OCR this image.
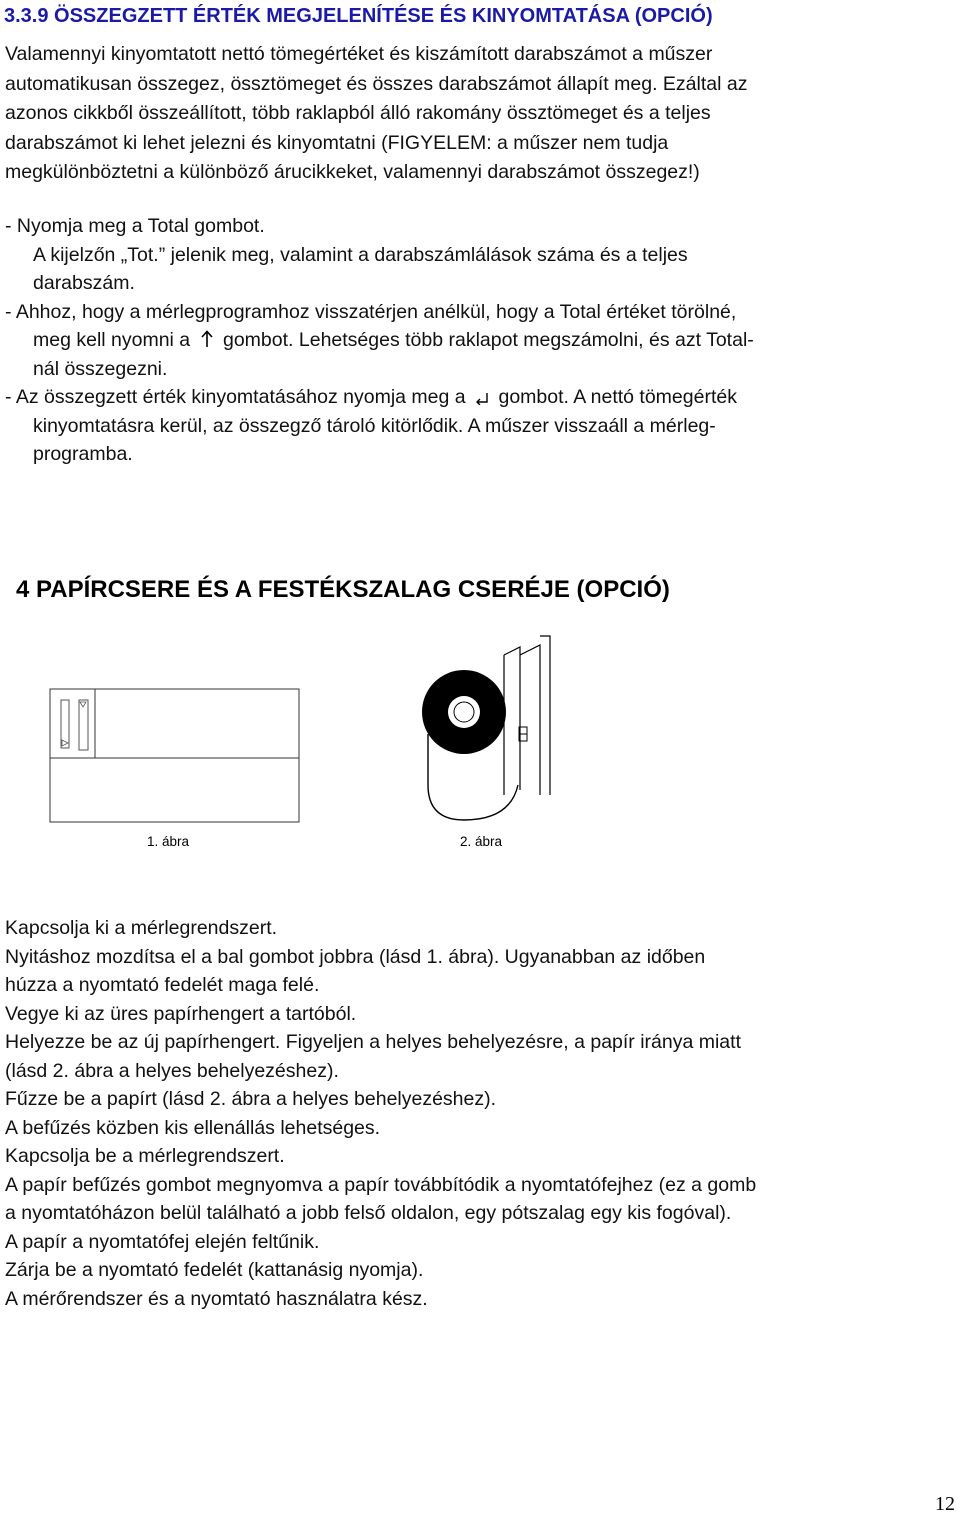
3.3.9 ÖSSZEGZETT ÉRTÉK MEGJELENÍTÉSE ÉS KINYOMTATÁSA (OPCIÓ)
Valamennyi kinyomtatott nettó tömegértéket és kiszámított darabszámot a műszer
automatikusan összegez, össztömeget és összes darabszámot állapít meg. Ezáltal az
azonos cikkből összeállított, több raklapból álló rakomány össztömeget és a teljes
darabszámot ki lehet jelezni és kinyomtatni (FIGYELEM: a műszer nem tudja
megkülönböztetni a különböző árucikkeket, valamennyi darabszámot összegez!)
- Nyomja meg a Total gombot.
A kijelzőn „Tot.” jelenik meg, valamint a darabszámlálások száma és a teljes
darabszám.
- Ahhoz, hogy a mérlegprogramhoz visszatérjen anélkül, hogy a Total értéket törölné,
meg kell nyomni a  gombot. Lehetséges több raklapot megszámolni, és azt Total-
nál összegezni.
- Az összegzett érték kinyomtatásához nyomja meg a  gombot. A nettó tömegérték
kinyomtatásra kerül, az összegző tároló kitörlődik. A műszer visszaáll a mérleg-
programba.
4 PAPÍRCSERE ÉS A FESTÉKSZALAG CSERÉJE (OPCIÓ)
1. ábra	2. ábra
Kapcsolja ki a mérlegrendszert.
Nyitáshoz mozdítsa el a bal gombot jobbra (lásd 1. ábra). Ugyanabban az időben
húzza a nyomtató fedelét maga felé.
Vegye ki az üres papírhengert a tartóból.
Helyezze be az új papírhengert. Figyeljen a helyes behelyezésre, a papír iránya miatt
(lásd 2. ábra a helyes behelyezéshez).
Fűzze be a papírt (lásd 2. ábra a helyes behelyezéshez).
A befűzés közben kis ellenállás lehetséges.
Kapcsolja be a mérlegrendszert.
A papír befűzés gombot megnyomva a papír továbbítódik a nyomtatófejhez (ez a gomb
a nyomtatóházon belül található a jobb felső oldalon, egy pótszalag egy kis fogóval).
A papír a nyomtatófej elején feltűnik.
Zárja be a nyomtató fedelét (kattanásig nyomja).
A mérőrendszer és a nyomtató használatra kész.
12
